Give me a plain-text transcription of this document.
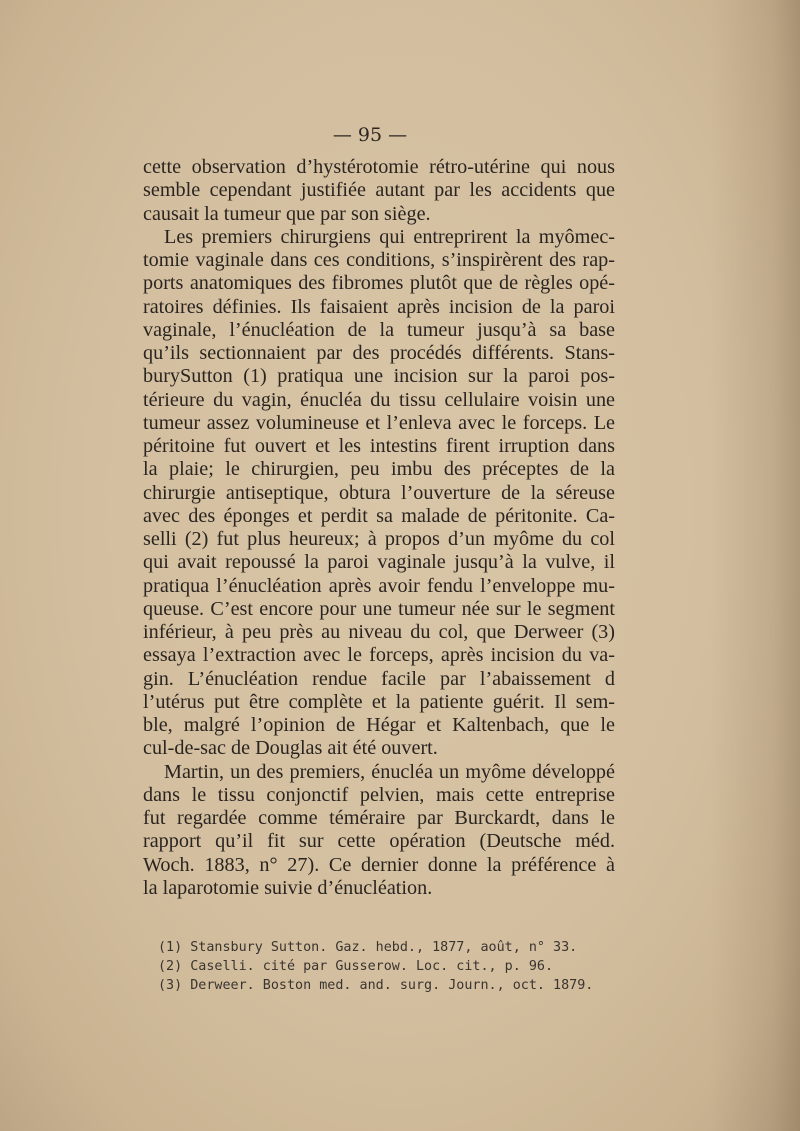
— 95 —
cette observation d’hystérotomie rétro-utérine qui nous
semble cependant justifiée autant par les accidents que
causait la tumeur que par son siège.
Les premiers chirurgiens qui entreprirent la myômec-
tomie vaginale dans ces conditions, s’inspirèrent des rap-
ports anatomiques des fibromes plutôt que de règles opé-
ratoires définies. Ils faisaient après incision de la paroi
vaginale, l’énucléation de la tumeur jusqu’à sa base
qu’ils sectionnaient par des procédés différents. Stans-
burySutton (1) pratiqua une incision sur la paroi pos-
térieure du vagin, énucléa du tissu cellulaire voisin une
tumeur assez volumineuse et l’enleva avec le forceps. Le
péritoine fut ouvert et les intestins firent irruption dans
la plaie; le chirurgien, peu imbu des préceptes de la
chirurgie antiseptique, obtura l’ouverture de la séreuse
avec des éponges et perdit sa malade de péritonite. Ca-
selli (2) fut plus heureux; à propos d’un myôme du col
qui avait repoussé la paroi vaginale jusqu’à la vulve, il
pratiqua l’énucléation après avoir fendu l’enveloppe mu-
queuse. C’est encore pour une tumeur née sur le segment
inférieur, à peu près au niveau du col, que Derweer (3)
essaya l’extraction avec le forceps, après incision du va-
gin. L’énucléation rendue facile par l’abaissement d
l’utérus put être complète et la patiente guérit. Il sem-
ble, malgré l’opinion de Hégar et Kaltenbach, que le
cul-de-sac de Douglas ait été ouvert.
Martin, un des premiers, énucléa un myôme développé
dans le tissu conjonctif pelvien, mais cette entreprise
fut regardée comme téméraire par Burckardt, dans le
rapport qu’il fit sur cette opération (Deutsche méd.
Woch. 1883, n° 27). Ce dernier donne la préférence à
la laparotomie suivie d’énucléation.
(1) Stansbury Sutton. Gaz. hebd., 1877, août, n° 33.
(2) Caselli. cité par Gusserow. Loc. cit., p. 96.
(3) Derweer. Boston med. and. surg. Journ., oct. 1879.
